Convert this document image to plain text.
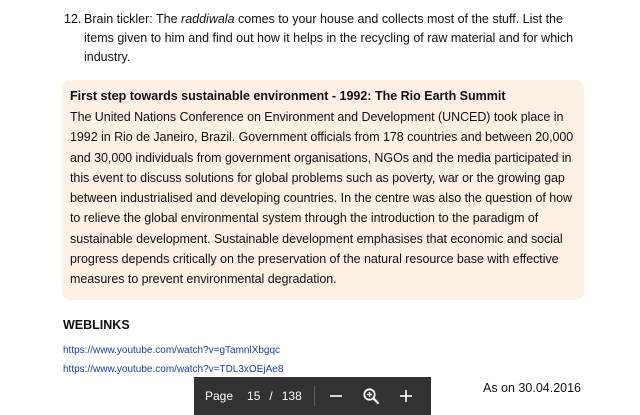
12. Brain tickler: The raddiwala comes to your house and collects most of the stuff. List the items given to him and find out how it helps in the recycling of raw material and for which industry.
First step towards sustainable environment - 1992: The Rio Earth Summit

The United Nations Conference on Environment and Development (UNCED) took place in 1992 in Rio de Janeiro, Brazil. Government officials from 178 countries and between 20,000 and 30,000 individuals from government organisations, NGOs and the media participated in this event to discuss solutions for global problems such as poverty, war or the growing gap between industrialised and developing countries. In the centre was also the question of how to relieve the global environmental system through the introduction to the paradigm of sustainable development. Sustainable development emphasises that economic and social progress depends critically on the preservation of the natural resource base with effective measures to prevent environmental degradation.

WEBLINKS
https://www.youtube.com/watch?v=gTamnlXbgqc
https://www.youtube.com/watch?v=TDL3xOEjAe8
As on 30.04.2016
Page 15 / 138
